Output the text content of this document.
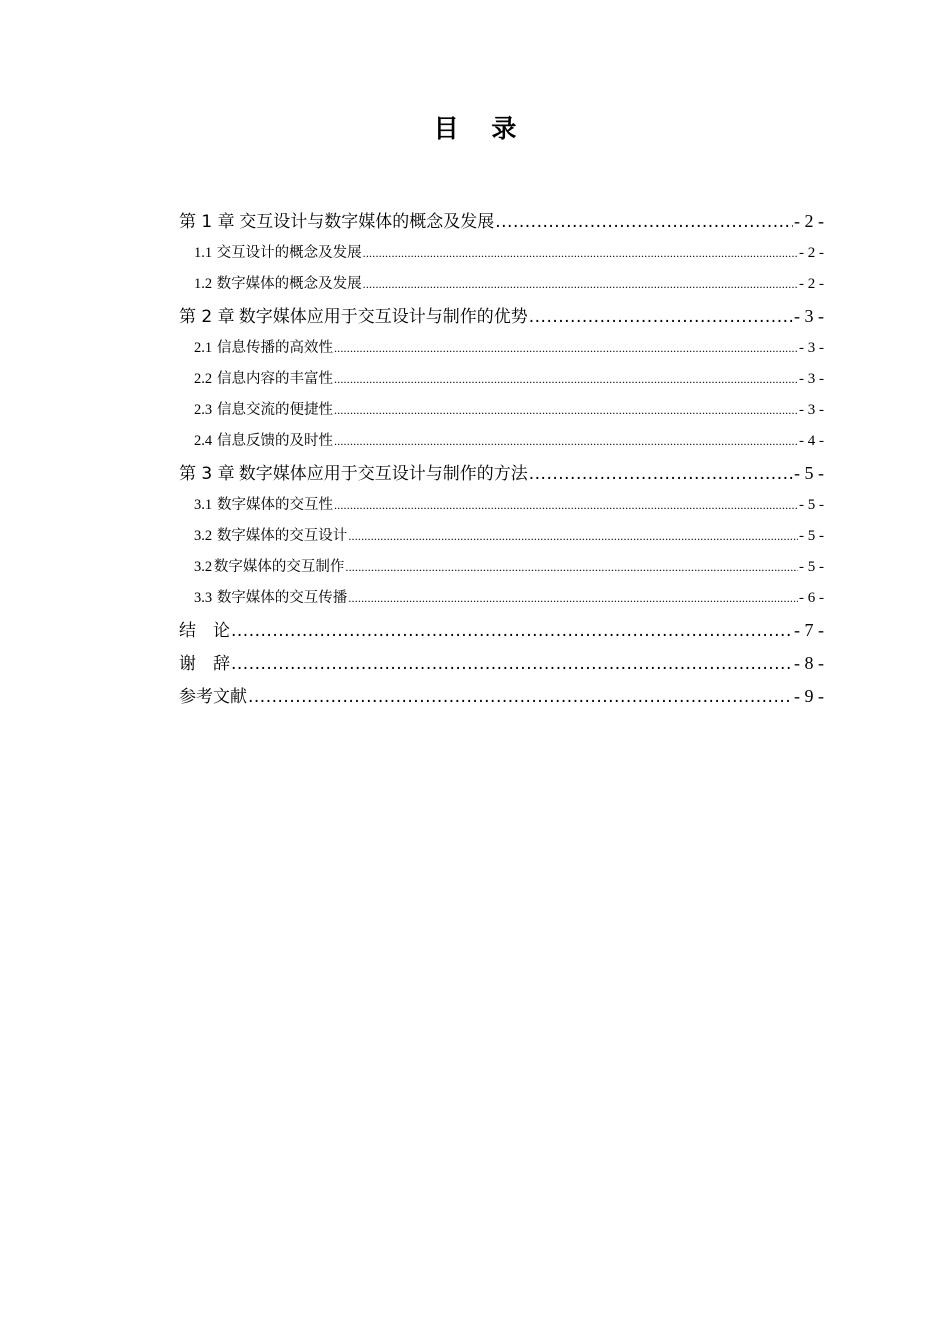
目 录
第 1 章 交互设计与数字媒体的概念及发展 .....	- 2 -
1.1 交互设计的概念及发展 .....	- 2 -
1.2 数字媒体的概念及发展 .....	- 2 -
第 2 章 数字媒体应用于交互设计与制作的优势 .....	- 3 -
2.1 信息传播的高效性 .....	- 3 -
2.2 信息内容的丰富性 .....	- 3 -
2.3 信息交流的便捷性 .....	- 3 -
2.4 信息反馈的及时性 .....	- 4 -
第 3 章 数字媒体应用于交互设计与制作的方法 .....	- 5 -
3.1 数字媒体的交互性 .....	- 5 -
3.2 数字媒体的交互设计 .....	- 5 -
3.2 数字媒体的交互制作 .....	- 5 -
3.3 数字媒体的交互传播 .....	- 6 -
结　论 .....	- 7 -
谢　辞 .....	- 8 -
参考文献 .....	- 9 -
